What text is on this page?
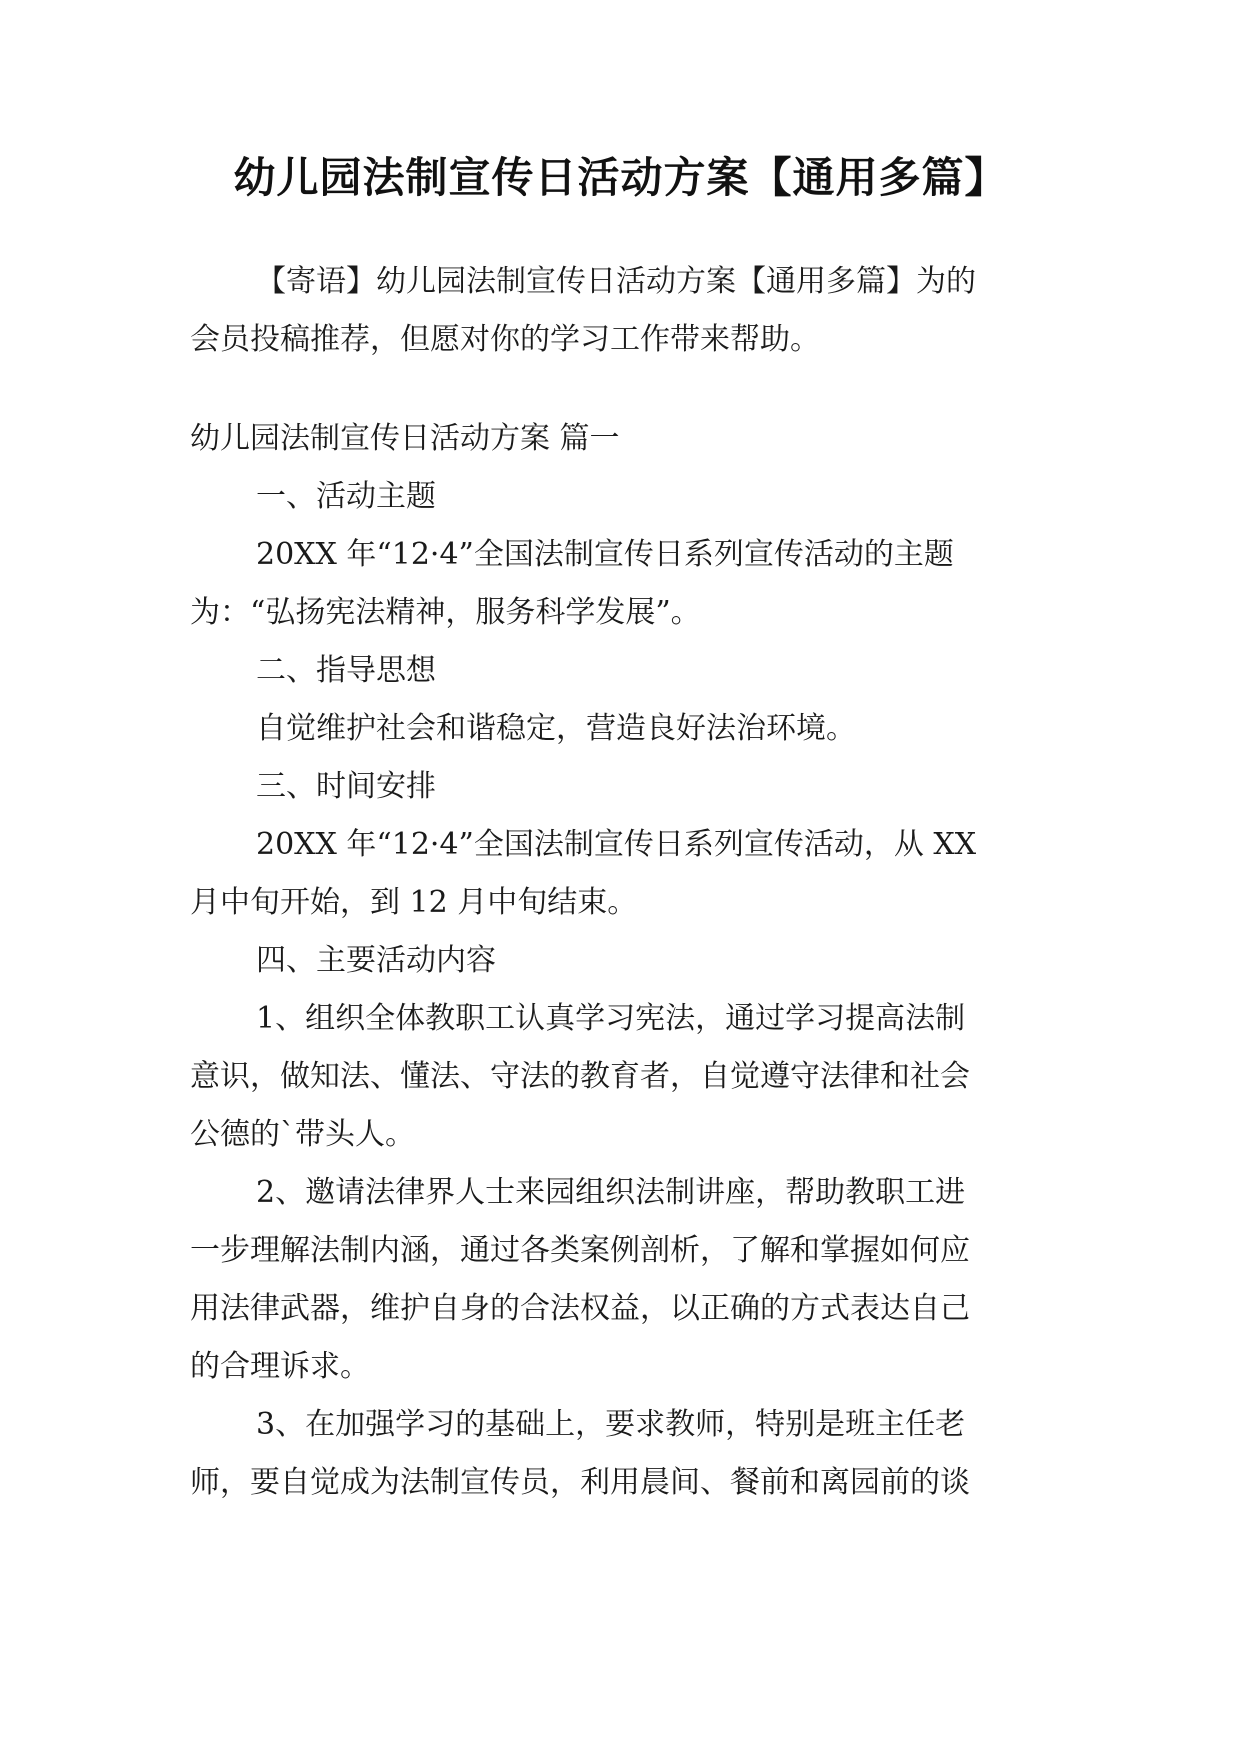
幼儿园法制宣传日活动方案【通用多篇】
【寄语】幼儿园法制宣传日活动方案【通用多篇】为的
会员投稿推荐，但愿对你的学习工作带来帮助。
幼儿园法制宣传日活动方案 篇一
一、活动主题
20XX 年“12·4”全国法制宣传日系列宣传活动的主题
为：“弘扬宪法精神，服务科学发展”。
二、指导思想
自觉维护社会和谐稳定，营造良好法治环境。
三、时间安排
20XX 年“12·4”全国法制宣传日系列宣传活动，从 XX
月中旬开始，到 12 月中旬结束。
四、主要活动内容
1、组织全体教职工认真学习宪法，通过学习提高法制
意识，做知法、懂法、守法的教育者，自觉遵守法律和社会
公德的`带头人。
2、邀请法律界人士来园组织法制讲座，帮助教职工进
一步理解法制内涵，通过各类案例剖析，了解和掌握如何应
用法律武器，维护自身的合法权益，以正确的方式表达自己
的合理诉求。
3、在加强学习的基础上，要求教师，特别是班主任老
师，要自觉成为法制宣传员，利用晨间、餐前和离园前的谈
